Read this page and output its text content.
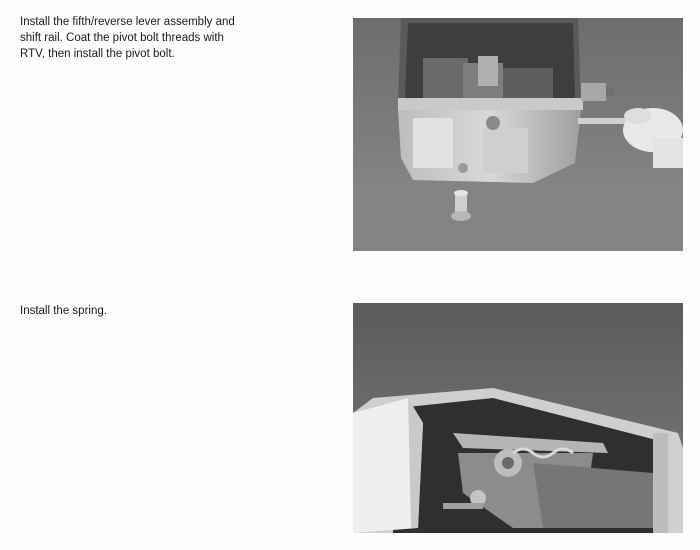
Install the fifth/reverse lever assembly and
shift rail. Coat the pivot bolt threads with
RTV, then install the pivot bolt.
Install the spring.
